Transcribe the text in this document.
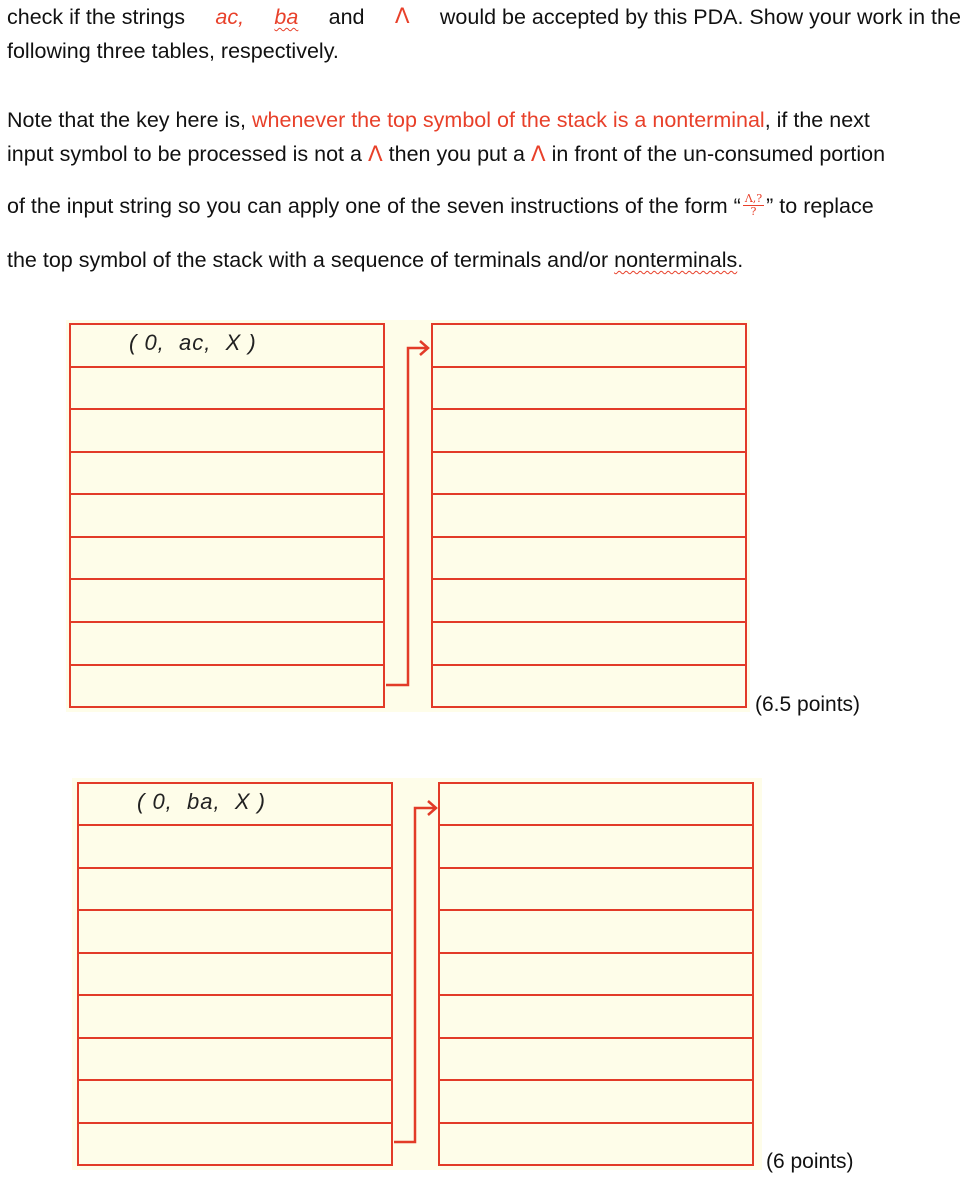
check if the strings ac, ba and Λ would be accepted by this PDA. Show your work in the
following three tables, respectively.
Note that the key here is, whenever the top symbol of the stack is a nonterminal, if the next
input symbol to be processed is not a Λ then you put a Λ in front of the un-consumed portion
of the input string so you can apply one of the seven instructions of the form “ $\frac{\Lambda,?}{?}$ ” to replace
the top symbol of the stack with a sequence of terminals and/or nonterminals.
( 0,  ac,  X )
(6.5 points)
( 0,  ba,  X )
(6 points)
